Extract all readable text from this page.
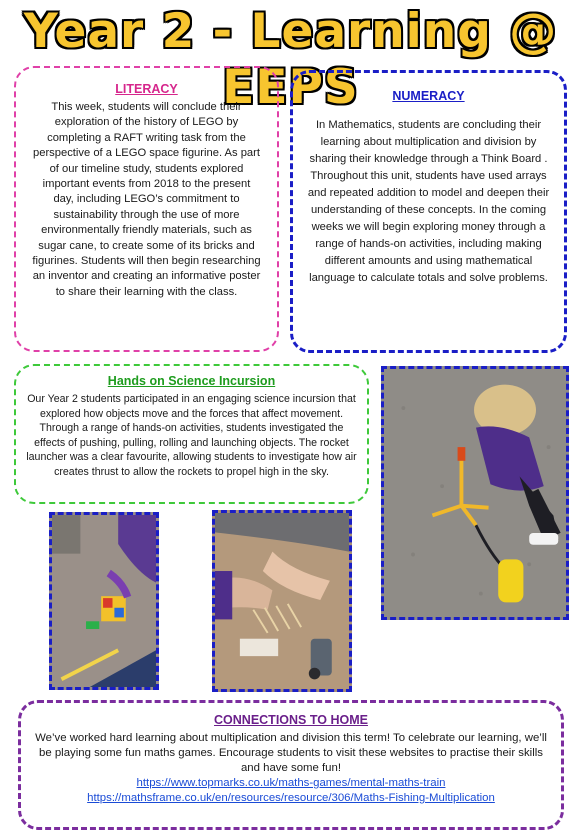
Year 2 - Learning @ EEPS
LITERACY

This week, students will conclude their exploration of the history of LEGO by completing a RAFT writing task from the perspective of a LEGO space figurine. As part of our timeline study, students explored important events from 2018 to the present day, including LEGO’s commitment to sustainability through the use of more environmentally friendly materials, such as sugar cane, to create some of its bricks and figurines. Students will then begin researching an inventor and creating an informative poster to share their learning with the class.

NUMERACY

In Mathematics, students are concluding their learning about multiplication and division by sharing their knowledge through a Think Board . Throughout this unit, students have used arrays and repeated addition to model and deepen their understanding of these concepts. In the coming weeks we will begin exploring money through a range of hands-on activities, including making different amounts and using mathematical language to calculate totals and solve problems.

Hands on Science Incursion

Our Year 2 students participated in an engaging science incursion that explored how objects move and the forces that affect movement. Through a range of hands-on activities, students investigated the effects of pushing, pulling, rolling and launching objects. The rocket launcher was a clear favourite, allowing students to investigate how air creates thrust to allow the rockets to propel high in the sky.

CONNECTIONS TO HOME

We’ve worked hard learning about multiplication and division this term! To celebrate our learning, we’ll be playing some fun maths games. Encourage students to visit these websites to practise their skills and have some fun!

https://www.topmarks.co.uk/maths-games/mental-maths-train
https://mathsframe.co.uk/en/resources/resource/306/Maths-Fishing-Multiplication
